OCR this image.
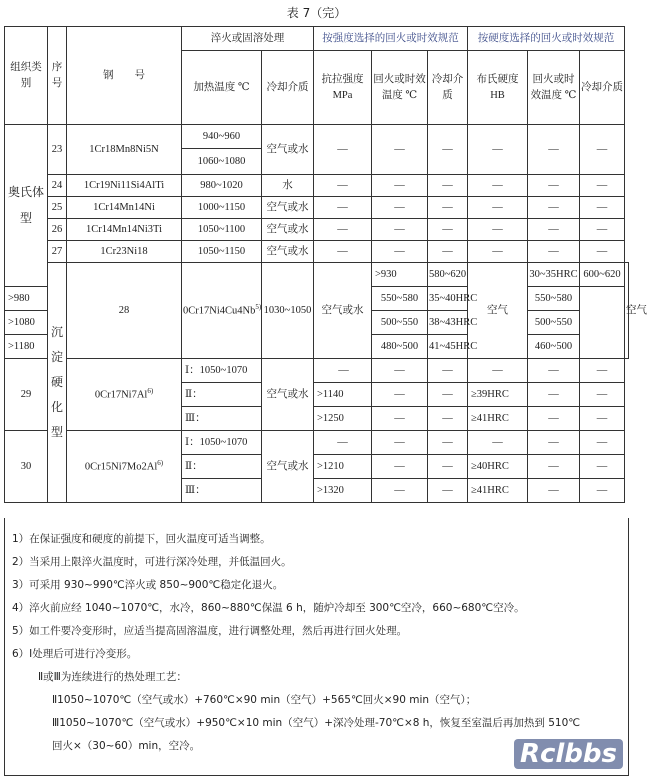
表 7（完）
组织类别	序号	钢　　号	淬火或固溶处理		按强度选择的回火或时效规范			按硬度选择的回火或时效规范			
			加热温度 ℃	冷却介质	抗拉强度 MPa	回火或时效温度 ℃	冷却介质	布氏硬度 HB	回火或时效温度 ℃	冷却介质	
奥氏体型	23	1Cr18Mn8Ni5N	940~960	空气或水	—	—	—	—	—	—	
			1060~1080								
	24	1Cr19Ni11Si4AlTi	980~1020	水	—	—	—	—	—	—	
	25	1Cr14Mn14Ni	1000~1150	空气或水	—	—	—	—	—	—	
	26	1Cr14Mn14Ni3Ti	1050~1100	空气或水	—	—	—	—	—	—	
	27	1Cr23Ni18	1050~1150	空气或水	—	—	—	—	—	—	
	沉淀硬化型	28	0Cr17Ni4Cu4Nb$^{5)}$	1030~1050	空气或水	>930	580~620	空气	30~35HRC	600~620	空气
>980						550~580	35~40HRC		550~580		
>1080						500~550	38~43HRC		500~550		
>1180						480~500	41~45HRC		460~500		
29		0Cr17Ni7Al$^{6)}$	Ⅰ：1050~1070	空气或水	—	—	—	—	—	—	
			Ⅱ：		>1140	—	—	≥39HRC	—	—	
			Ⅲ：		>1250	—	—	≥41HRC	—	—	
30		0Cr15Ni7Mo2Al$^{6)}$	Ⅰ：1050~1070	空气或水	—	—	—	—	—	—	
			Ⅱ：		>1210	—	—	≥40HRC	—	—	
			Ⅲ：		>1320	—	—	≥41HRC	—	—	
1）在保证强度和硬度的前提下，回火温度可适当调整。
2）当采用上限淬火温度时，可进行深冷处理，并低温回火。
3）可采用 930~990℃淬火或 850~900℃稳定化退火。
4）淬火前应经 1040~1070℃，水冷，860~880℃保温 6 h，随炉冷却至 300℃空冷，660~680℃空冷。
5）如工件要冷变形时，应适当提高固溶温度，进行调整处理，然后再进行回火处理。
6）Ⅰ处理后可进行冷变形。
Ⅱ或Ⅲ为连续进行的热处理工艺：
Ⅱ1050~1070℃（空气或水）+760℃×90 min（空气）+565℃回火×90 min（空气）；
Ⅲ1050~1070℃（空气或水）+950℃×10 min（空气）+深冷处理-70℃×8 h，恢复至室温后再加热到 510℃
回火×（30~60）min，空冷。	Rclbbs
